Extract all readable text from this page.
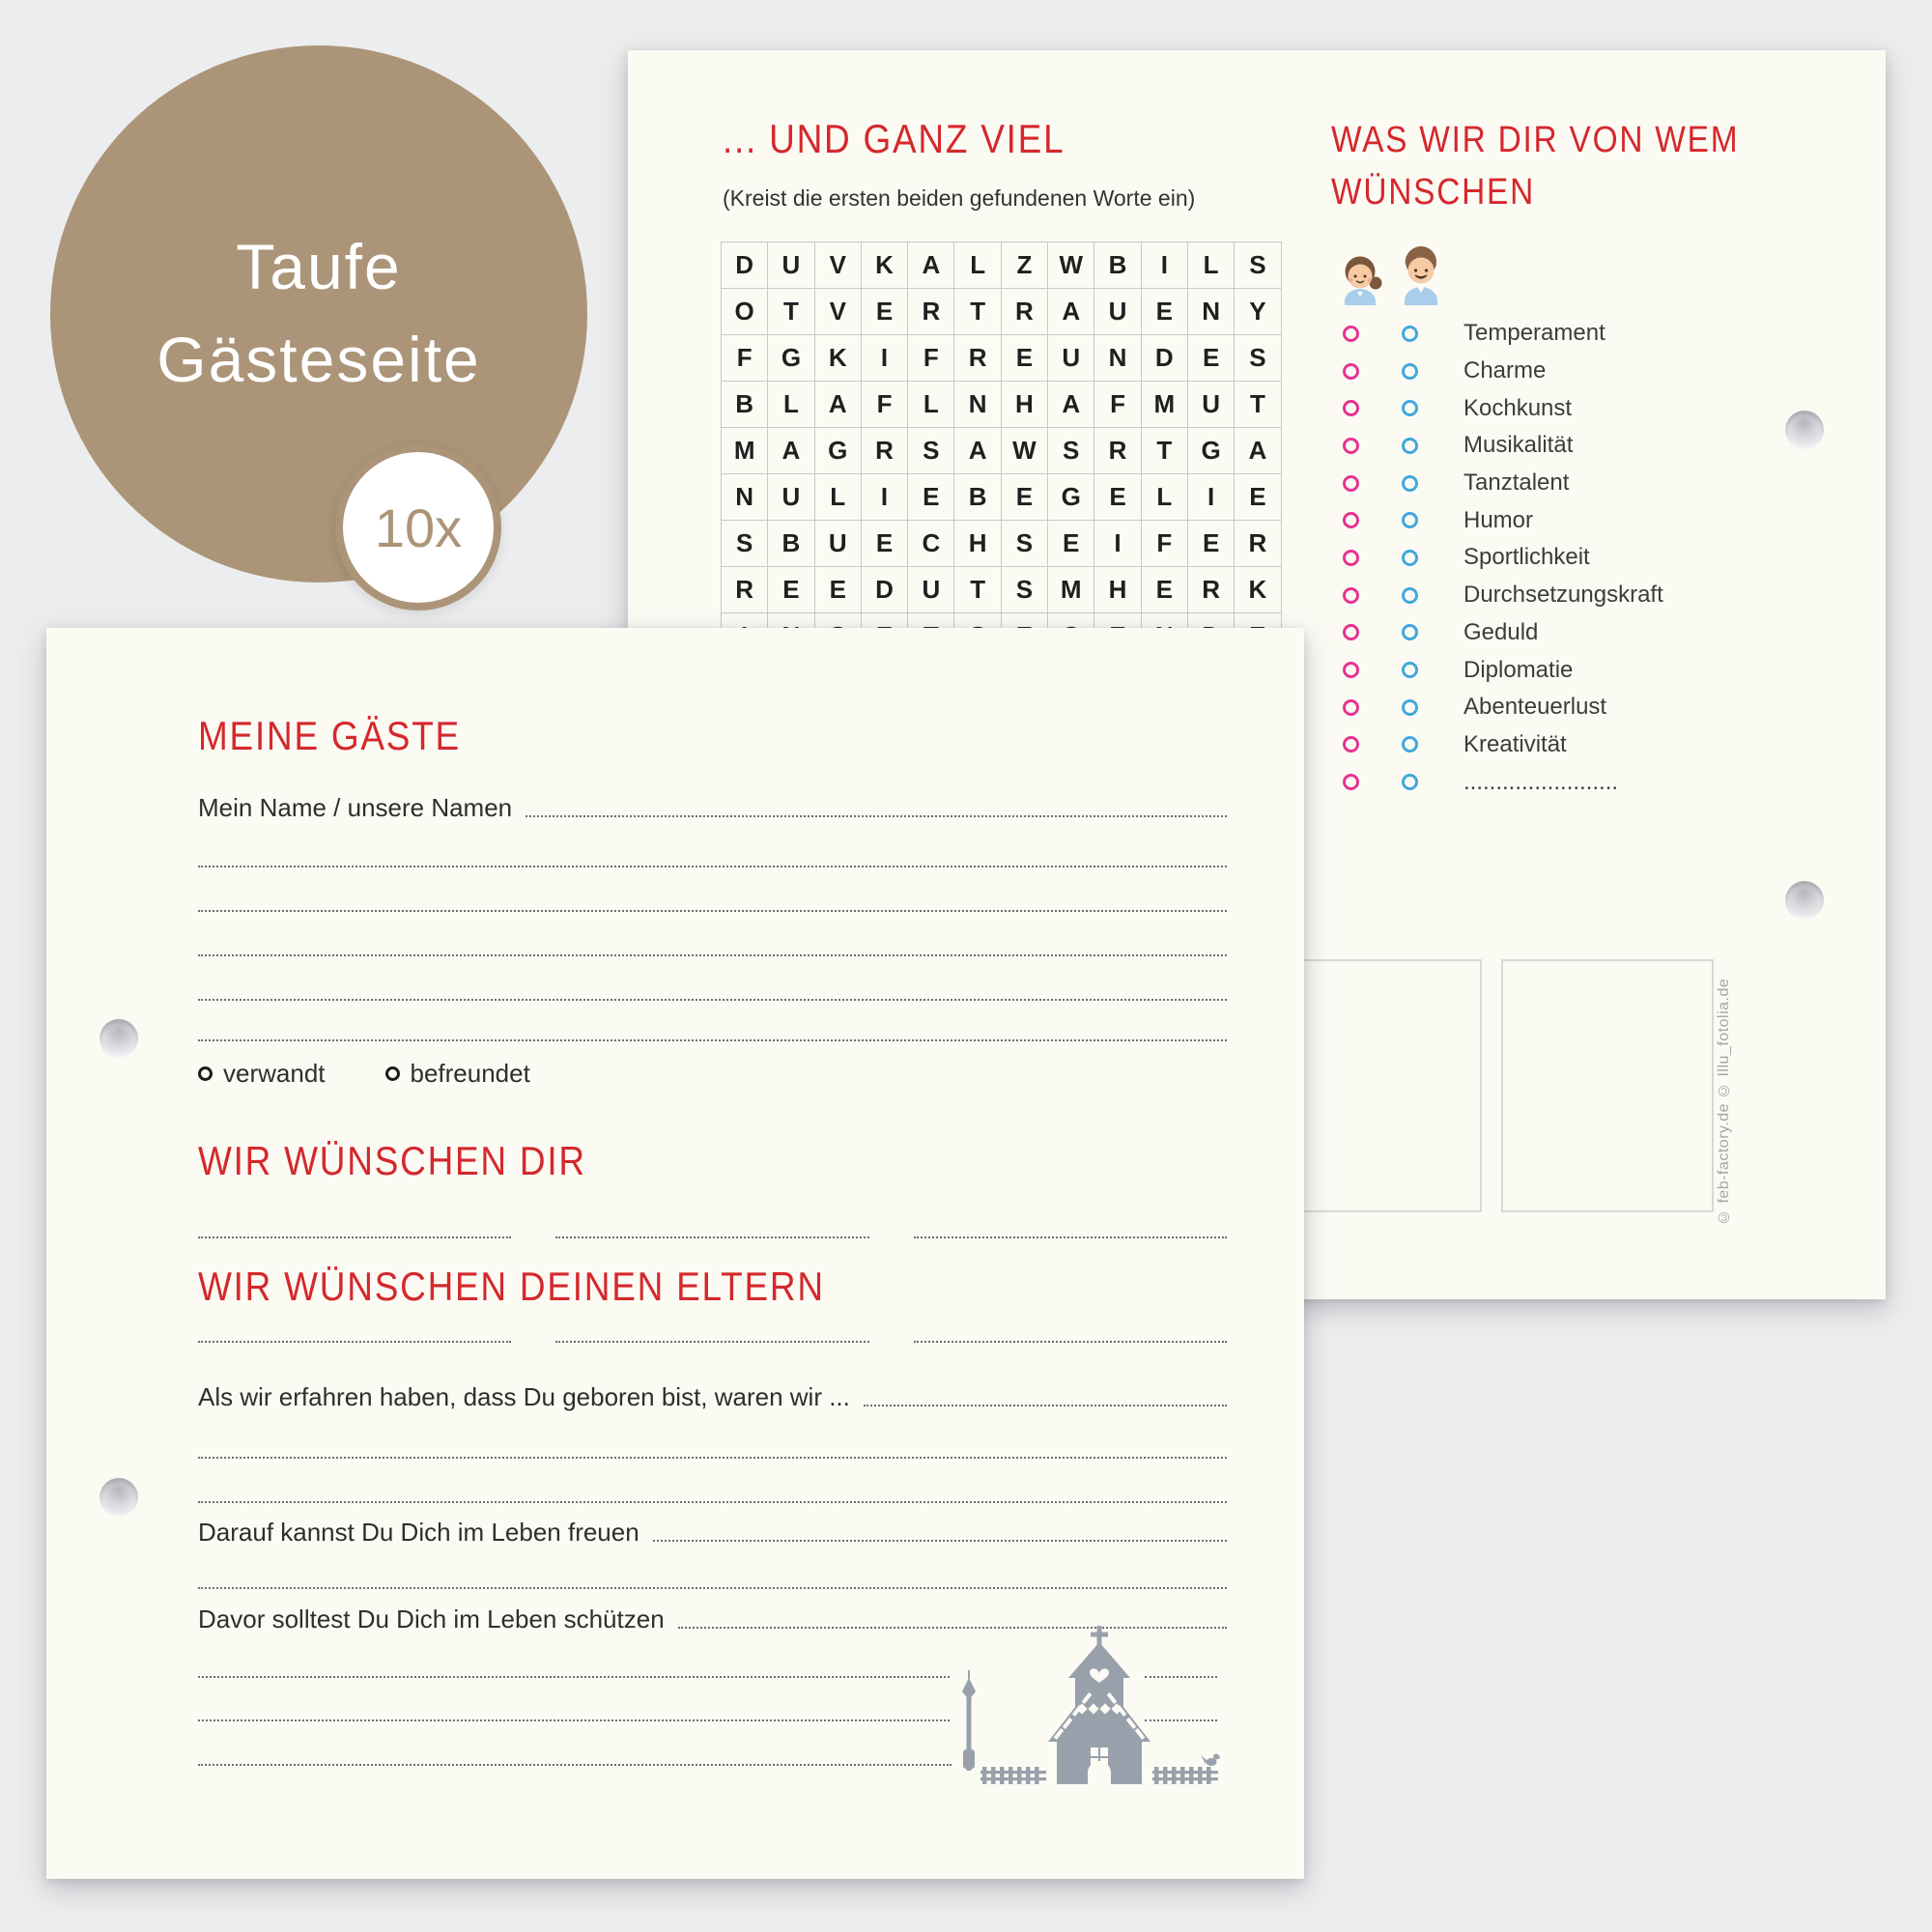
... UND GANZ VIEL
(Kreist die ersten beiden gefundenen Worte ein)
D	U	V	K	A	L	Z	W	B	I	L	S
O	T	V	E	R	T	R	A	U	E	N	Y
F	G	K	I	F	R	E	U	N	D	E	S
B	L	A	F	L	N	H	A	F	M	U	T
M	A	G	R	S	A	W	S	R	T	G	A
N	U	L	I	E	B	E	G	E	L	I	E
S	B	U	E	C	H	S	E	I	F	E	R
R	E	E	D	U	T	S	M	H	E	R	K
WAS WIR DIR VON WEM
WÜNSCHEN
Temperament
Charme
Kochkunst
Musikalität
Tanztalent
Humor
Sportlichkeit
Durchsetzungskraft
Geduld
Diplomatie
Abenteuerlust
Kreativität
........................
© feb-factory.de © Illu_fotolia.de
MEINE GÄSTE
Mein Name / unsere Namen
verwandt	befreundet
WIR WÜNSCHEN DIR
WIR WÜNSCHEN DEINEN ELTERN
Als wir erfahren haben, dass Du geboren bist, waren wir ...
Darauf kannst Du Dich im Leben freuen
Davor solltest Du Dich im Leben schützen
Taufe
Gästeseite
10x
